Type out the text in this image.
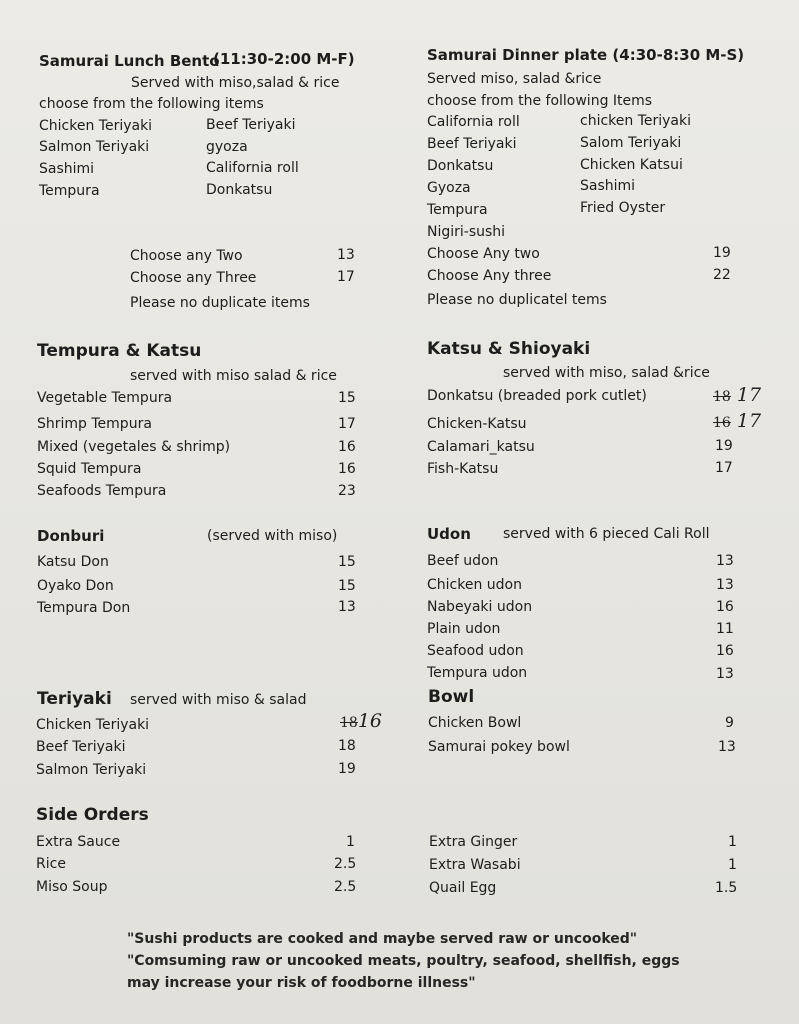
Samurai Lunch Bento
(11:30-2:00 M-F)
Served with miso,salad & rice
choose from the following items
Chicken Teriyaki
Salmon Teriyaki
Sashimi
Tempura
Beef Teriyaki
gyoza
California roll
Donkatsu
Choose any Two	13
Choose any Three	17
Please no duplicate items
Samurai Dinner plate (4:30-8:30 M-S)
Served miso, salad &rice
choose from the following Items
California roll
Beef Teriyaki
Donkatsu
Gyoza
Tempura
Nigiri-sushi
chicken Teriyaki
Salom Teriyaki
Chicken Katsui
Sashimi
Fried Oyster
Choose Any two	19
Choose Any three	22
Please no duplicatel tems
Tempura & Katsu
served with miso salad & rice
Vegetable Tempura	15
Shrimp Tempura	17
Mixed (vegetales & shrimp)	16
Squid Tempura	16
Seafoods Tempura	23
Katsu & Shioyaki
served with miso, salad &rice
Donkatsu (breaded pork cutlet)	18 17
Chicken-Katsu	16 17
Calamari_katsu	19
Fish-Katsu	17
Donburi	(served with miso)
Katsu Don	15
Oyako Don	15
Tempura Don	13
Udon served with 6 pieced Cali Roll
Beef udon	13
Chicken udon	13
Nabeyaki udon	16
Plain udon	11
Seafood udon	16
Tempura udon	13
Teriyaki served with miso & salad
Chicken Teriyaki	1816
Beef Teriyaki	18
Salmon Teriyaki	19
Bowl
Chicken Bowl	9
Samurai pokey bowl	13
Side Orders
Extra Sauce	1
Rice	2.5
Miso Soup	2.5
Extra Ginger	1
Extra Wasabi	1
Quail Egg	1.5
"Sushi products are cooked and maybe served raw or uncooked"
"Comsuming raw or uncooked meats, poultry, seafood, shellfish, eggs
may increase your risk of foodborne illness"
